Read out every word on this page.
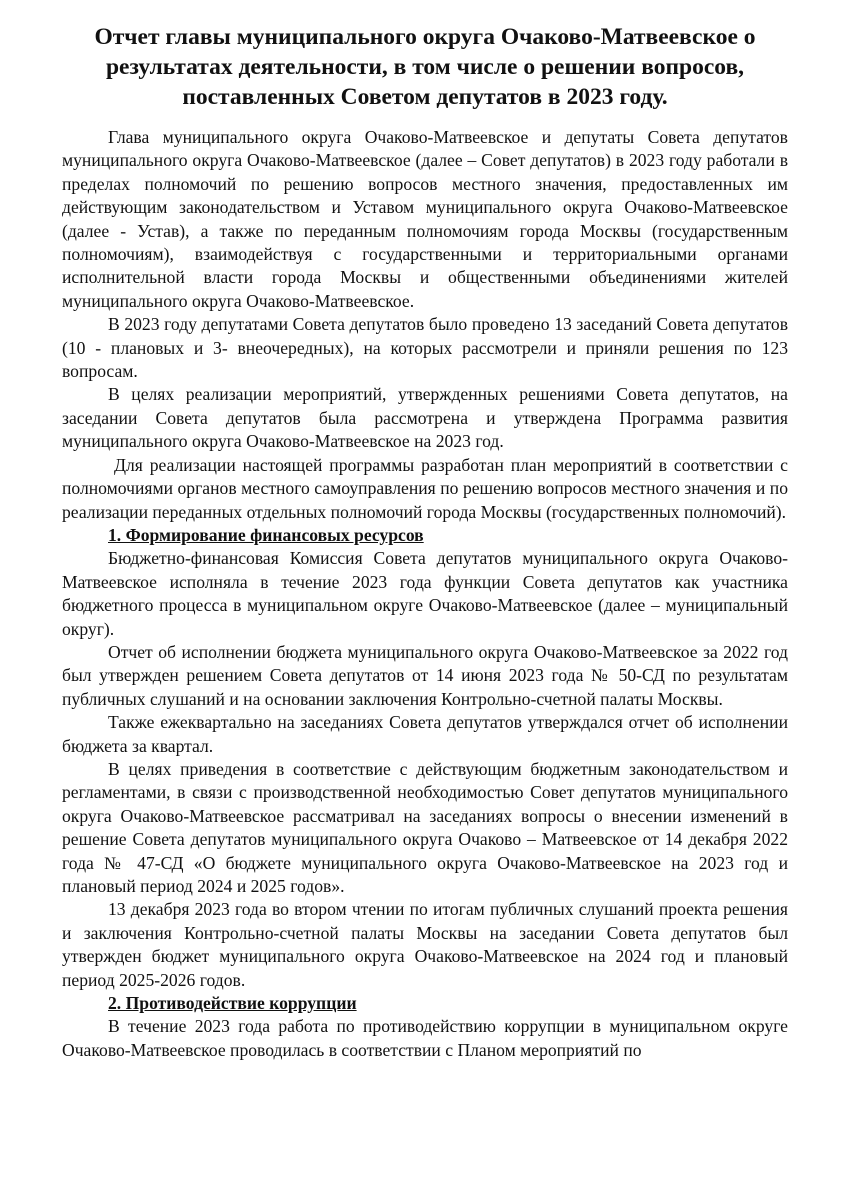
Отчет главы муниципального округа Очаково-Матвеевское о результатах деятельности, в том числе о решении вопросов, поставленных Советом депутатов в 2023 году.

Глава муниципального округа Очаково-Матвеевское и депутаты Совета депутатов муниципального округа Очаково-Матвеевское (далее – Совет депутатов) в 2023 году работали в пределах полномочий по решению вопросов местного значения, предоставленных им действующим законодательством и Уставом муниципального округа Очаково-Матвеевское (далее - Устав), а также по переданным полномочиям города Москвы (государственным полномочиям), взаимодействуя с государственными и территориальными органами исполнительной власти города Москвы и общественными объединениями жителей муниципального округа Очаково-Матвеевское.

В 2023 году депутатами Совета депутатов было проведено 13 заседаний Совета депутатов (10 - плановых и 3- внеочередных), на которых рассмотрели и приняли решения по 123 вопросам.

В целях реализации мероприятий, утвержденных решениями Совета депутатов, на заседании Совета депутатов была рассмотрена и утверждена Программа развития муниципального округа Очаково-Матвеевское на 2023 год.

Для реализации настоящей программы разработан план мероприятий в соответствии с полномочиями органов местного самоуправления по решению вопросов местного значения и по реализации переданных отдельных полномочий города Москвы (государственных полномочий).

1. Формирование финансовых ресурсов

Бюджетно-финансовая Комиссия Совета депутатов муниципального округа Очаково-Матвеевское исполняла в течение 2023 года функции Совета депутатов как участника бюджетного процесса в муниципальном округе Очаково-Матвеевское (далее – муниципальный округ).

Отчет об исполнении бюджета муниципального округа Очаково-Матвеевское за 2022 год был утвержден решением Совета депутатов от 14 июня 2023 года № 50-СД по результатам публичных слушаний и на основании заключения Контрольно-счетной палаты Москвы.

Также ежеквартально на заседаниях Совета депутатов утверждался отчет об исполнении бюджета за квартал.

В целях приведения в соответствие с действующим бюджетным законодательством и регламентами, в связи с производственной необходимостью Совет депутатов муниципального округа Очаково-Матвеевское рассматривал на заседаниях вопросы о внесении изменений в решение Совета депутатов муниципального округа Очаково – Матвеевское от 14 декабря 2022 года № 47-СД «О бюджете муниципального округа Очаково-Матвеевское на 2023 год и плановый период 2024 и 2025 годов».

13 декабря 2023 года во втором чтении по итогам публичных слушаний проекта решения и заключения Контрольно-счетной палаты Москвы на заседании Совета депутатов был утвержден бюджет муниципального округа Очаково-Матвеевское на 2024 год и плановый период 2025-2026 годов.

2. Противодействие коррупции

В течение 2023 года работа по противодействию коррупции в муниципальном округе Очаково-Матвеевское проводилась в соответствии с Планом мероприятий по
